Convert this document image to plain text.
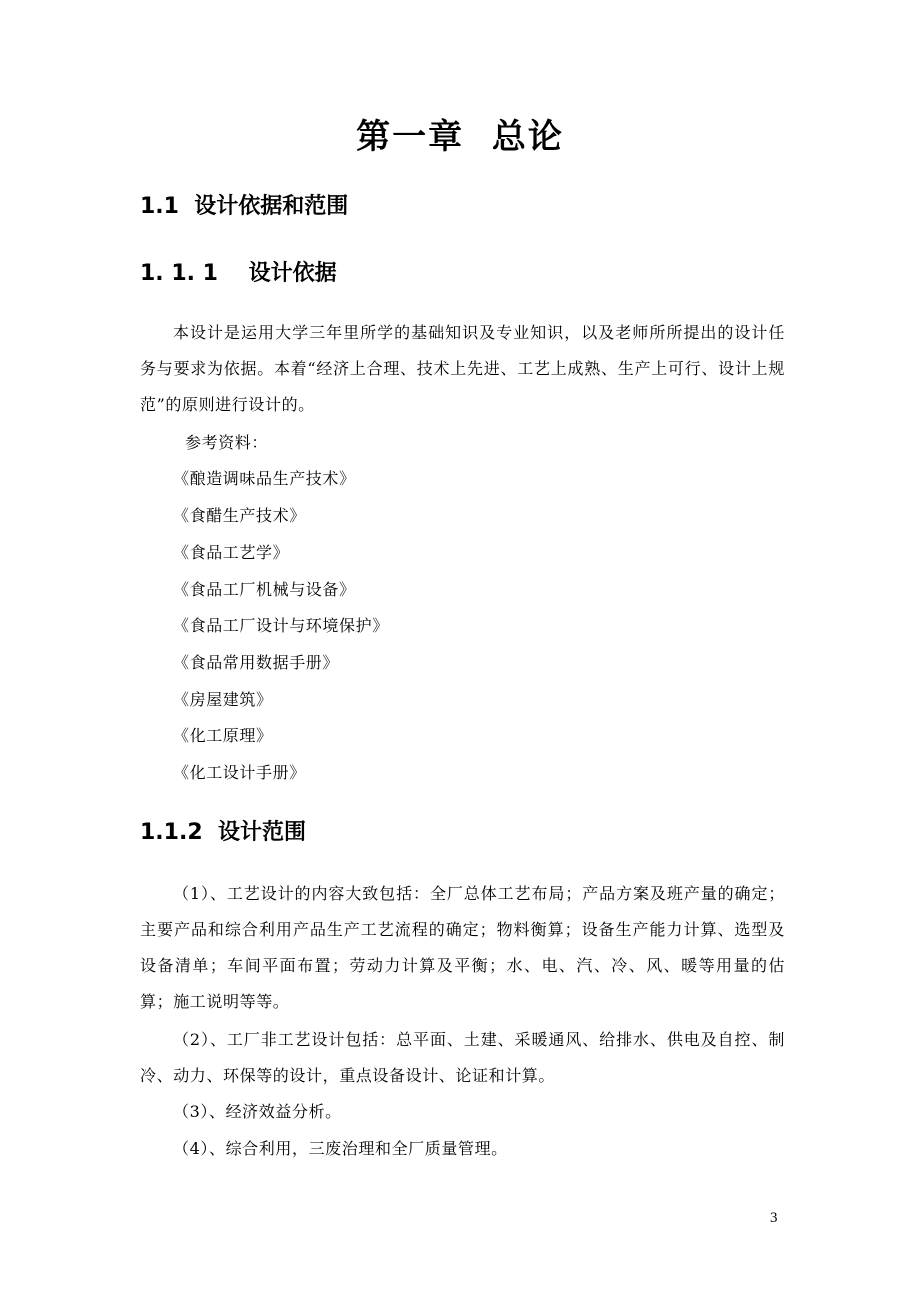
第一章  总论
1.1  设计依据和范围
1. 1. 1    设计依据
本设计是运用大学三年里所学的基础知识及专业知识，以及老师所所提出的设计任务与要求为依据。本着“经济上合理、技术上先进、工艺上成熟、生产上可行、设计上规范”的原则进行设计的。
参考资料：
《酿造调味品生产技术》
《食醋生产技术》
《食品工艺学》
《食品工厂机械与设备》
《食品工厂设计与环境保护》
《食品常用数据手册》
《房屋建筑》
《化工原理》
《化工设计手册》
1.1.2  设计范围
（1）、工艺设计的内容大致包括：全厂总体工艺布局；产品方案及班产量的确定；主要产品和综合利用产品生产工艺流程的确定；物料衡算；设备生产能力计算、选型及设备清单；车间平面布置；劳动力计算及平衡；水、电、汽、冷、风、暖等用量的估算；施工说明等等。
（2）、工厂非工艺设计包括：总平面、土建、采暖通风、给排水、供电及自控、制冷、动力、环保等的设计，重点设备设计、论证和计算。
（3）、经济效益分析。
（4）、综合利用，三废治理和全厂质量管理。
3
